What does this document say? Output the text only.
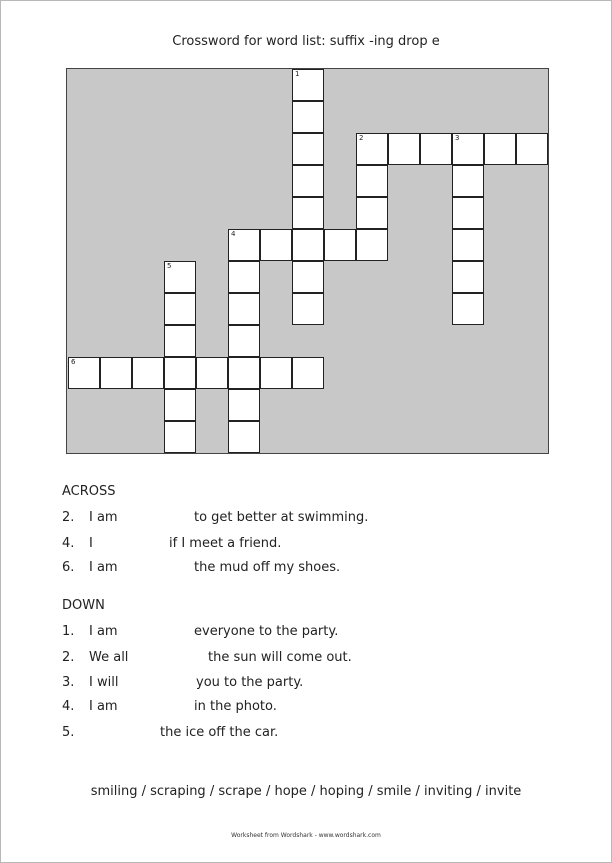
Crossword for word list: suffix -ing drop e
1
2	3
4
5
6
ACROSS
2. I am	to get better at swimming.
4. I	if I meet a friend.
6. I am	the mud off my shoes.
DOWN
1. I am	everyone to the party.
2. We all	the sun will come out.
3. I will	you to the party.
4. I am	in the photo.
5.	the ice off the car.
smiling / scraping / scrape / hope / hoping / smile / inviting / invite
Worksheet from Wordshark - www.wordshark.com
